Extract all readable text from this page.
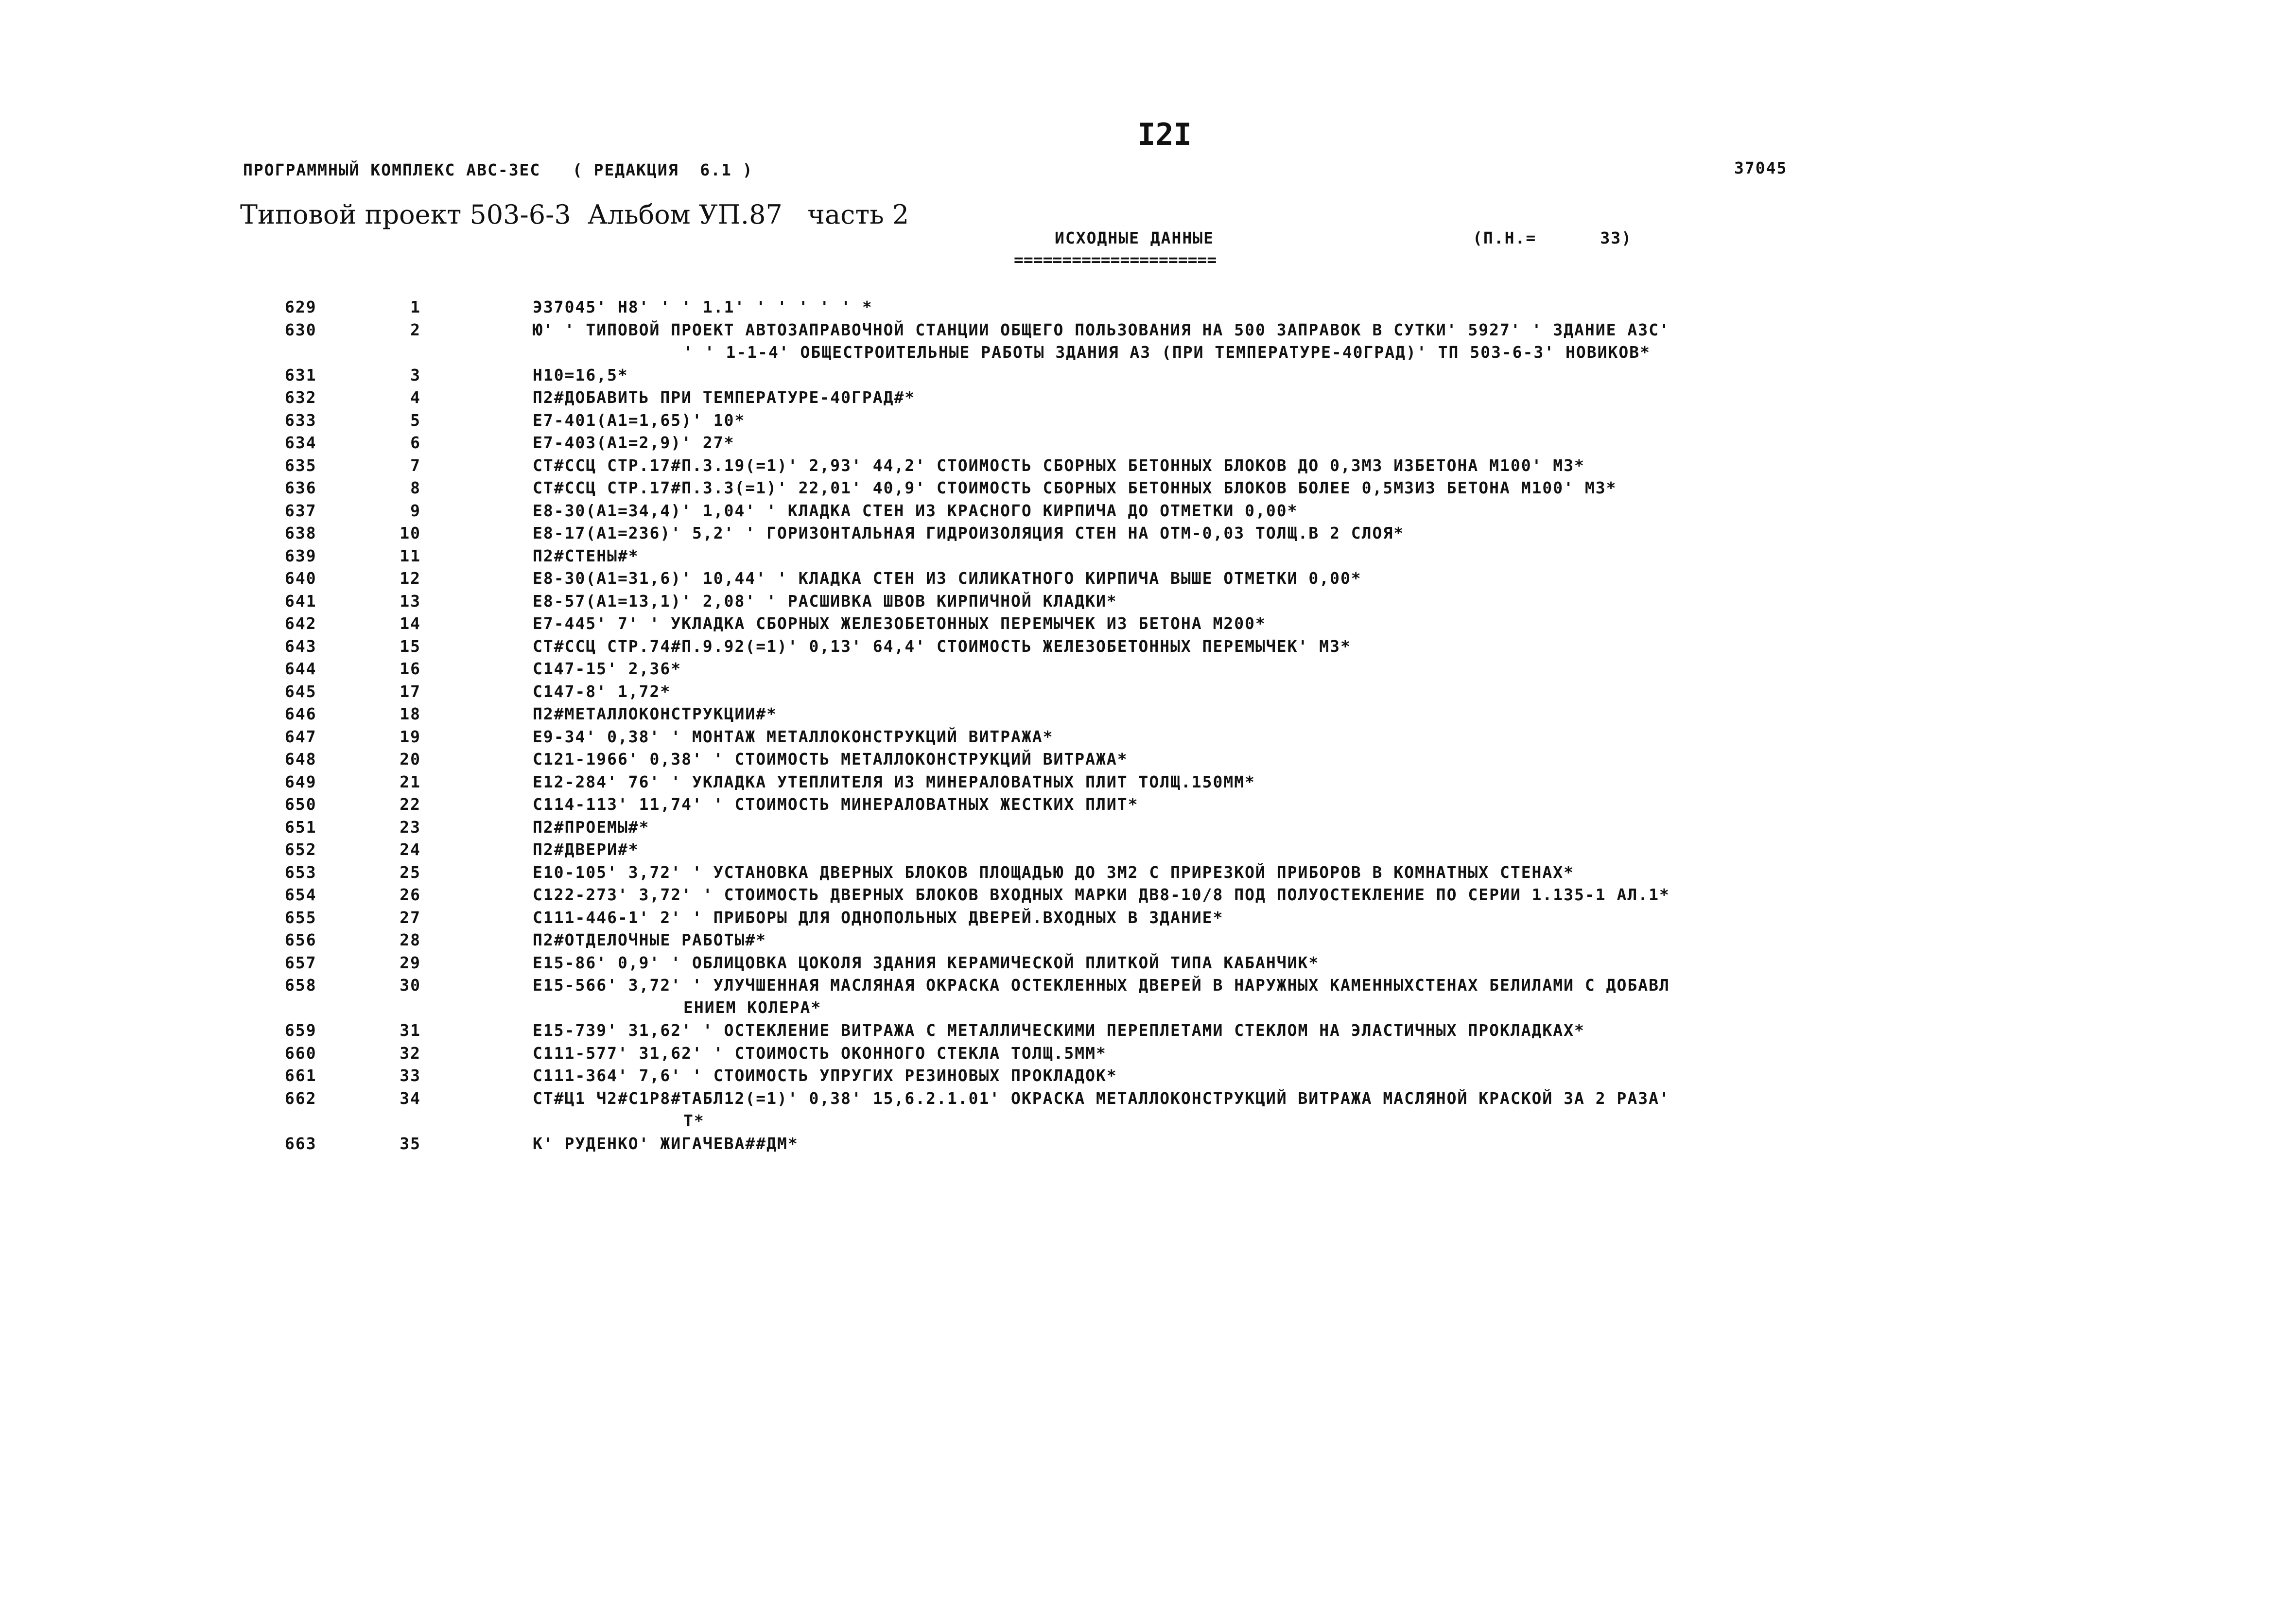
I2I
ПРОГРАММНЫЙ КОМПЛЕКС АВС-3ЕС   ( РЕДАКЦИЯ  6.1 )	37045
Типовой проект 503-6-3  Альбом УП.87   часть 2
ИСХОДНЫЕ ДАННЫЕ	(П.Н.=      33)
=====================
629	1	Э37045' Н8' ' ' 1.1' ' ' ' ' ' *
630	2	Ю' ' ТИПОВОЙ ПРОЕКТ АВТОЗАПРАВОЧНОЙ СТАНЦИИ ОБЩЕГО ПОЛЬЗОВАНИЯ НА 500 ЗАПРАВОК В СУТКИ' 5927' ' ЗДАНИЕ АЗС'
' ' 1-1-4' ОБЩЕСТРОИТЕЛЬНЫЕ РАБОТЫ ЗДАНИЯ АЗ (ПРИ ТЕМПЕРАТУРЕ-40ГРАД)' ТП 503-6-3' НОВИКОВ*
631	3	Н10=16,5*
632	4	П2#ДОБАВИТЬ ПРИ ТЕМПЕРАТУРЕ-40ГРАД#*
633	5	Е7-401(А1=1,65)' 10*
634	6	Е7-403(А1=2,9)' 27*
635	7	СТ#ССЦ СТР.17#П.3.19(=1)' 2,93' 44,2' СТОИМОСТЬ СБОРНЫХ БЕТОННЫХ БЛОКОВ ДО 0,3М3 ИЗБЕТОНА М100' М3*
636	8	СТ#ССЦ СТР.17#П.3.3(=1)' 22,01' 40,9' СТОИМОСТЬ СБОРНЫХ БЕТОННЫХ БЛОКОВ БОЛЕЕ 0,5М3ИЗ БЕТОНА М100' М3*
637	9	Е8-30(А1=34,4)' 1,04' ' КЛАДКА СТЕН ИЗ КРАСНОГО КИРПИЧА ДО ОТМЕТКИ 0,00*
638	10	Е8-17(А1=236)' 5,2' ' ГОРИЗОНТАЛЬНАЯ ГИДРОИЗОЛЯЦИЯ СТЕН НА ОТМ-0,03 ТОЛЩ.В 2 СЛОЯ*
639	11	П2#СТЕНЫ#*
640	12	Е8-30(А1=31,6)' 10,44' ' КЛАДКА СТЕН ИЗ СИЛИКАТНОГО КИРПИЧА ВЫШЕ ОТМЕТКИ 0,00*
641	13	Е8-57(А1=13,1)' 2,08' ' РАСШИВКА ШВОВ КИРПИЧНОЙ КЛАДКИ*
642	14	Е7-445' 7' ' УКЛАДКА СБОРНЫХ ЖЕЛЕЗОБЕТОННЫХ ПЕРЕМЫЧЕК ИЗ БЕТОНА М200*
643	15	СТ#ССЦ СТР.74#П.9.92(=1)' 0,13' 64,4' СТОИМОСТЬ ЖЕЛЕЗОБЕТОННЫХ ПЕРЕМЫЧЕК' М3*
644	16	С147-15' 2,36*
645	17	С147-8' 1,72*
646	18	П2#МЕТАЛЛОКОНСТРУКЦИИ#*
647	19	Е9-34' 0,38' ' МОНТАЖ МЕТАЛЛОКОНСТРУКЦИЙ ВИТРАЖА*
648	20	С121-1966' 0,38' ' СТОИМОСТЬ МЕТАЛЛОКОНСТРУКЦИЙ ВИТРАЖА*
649	21	Е12-284' 76' ' УКЛАДКА УТЕПЛИТЕЛЯ ИЗ МИНЕРАЛОВАТНЫХ ПЛИТ ТОЛЩ.150ММ*
650	22	С114-113' 11,74' ' СТОИМОСТЬ МИНЕРАЛОВАТНЫХ ЖЕСТКИХ ПЛИТ*
651	23	П2#ПРОЕМЫ#*
652	24	П2#ДВЕРИ#*
653	25	Е10-105' 3,72' ' УСТАНОВКА ДВЕРНЫХ БЛОКОВ ПЛОЩАДЬЮ ДО 3М2 С ПРИРЕЗКОЙ ПРИБОРОВ В КОМНАТНЫХ СТЕНАХ*
654	26	С122-273' 3,72' ' СТОИМОСТЬ ДВЕРНЫХ БЛОКОВ ВХОДНЫХ МАРКИ ДВ8-10/8 ПОД ПОЛУОСТЕКЛЕНИЕ ПО СЕРИИ 1.135-1 АЛ.1*
655	27	С111-446-1' 2' ' ПРИБОРЫ ДЛЯ ОДНОПОЛЬНЫХ ДВЕРЕЙ.ВХОДНЫХ В ЗДАНИЕ*
656	28	П2#ОТДЕЛОЧНЫЕ РАБОТЫ#*
657	29	Е15-86' 0,9' ' ОБЛИЦОВКА ЦОКОЛЯ ЗДАНИЯ КЕРАМИЧЕСКОЙ ПЛИТКОЙ ТИПА КАБАНЧИК*
658	30	Е15-566' 3,72' ' УЛУЧШЕННАЯ МАСЛЯНАЯ ОКРАСКА ОСТЕКЛЕННЫХ ДВЕРЕЙ В НАРУЖНЫХ КАМЕННЫХСТЕНАХ БЕЛИЛАМИ С ДОБАВЛ
ЕНИЕМ КОЛЕРА*
659	31	Е15-739' 31,62' ' ОСТЕКЛЕНИЕ ВИТРАЖА С МЕТАЛЛИЧЕСКИМИ ПЕРЕПЛЕТАМИ СТЕКЛОМ НА ЭЛАСТИЧНЫХ ПРОКЛАДКАХ*
660	32	С111-577' 31,62' ' СТОИМОСТЬ ОКОННОГО СТЕКЛА ТОЛЩ.5ММ*
661	33	С111-364' 7,6' ' СТОИМОСТЬ УПРУГИХ РЕЗИНОВЫХ ПРОКЛАДОК*
662	34	СТ#Ц1 Ч2#С1Р8#ТАБЛ12(=1)' 0,38' 15,6.2.1.01' ОКРАСКА МЕТАЛЛОКОНСТРУКЦИЙ ВИТРАЖА МАСЛЯНОЙ КРАСКОЙ ЗА 2 РАЗА'
Т*
663	35	К' РУДЕНКО' ЖИГАЧЕВА##ДМ*
